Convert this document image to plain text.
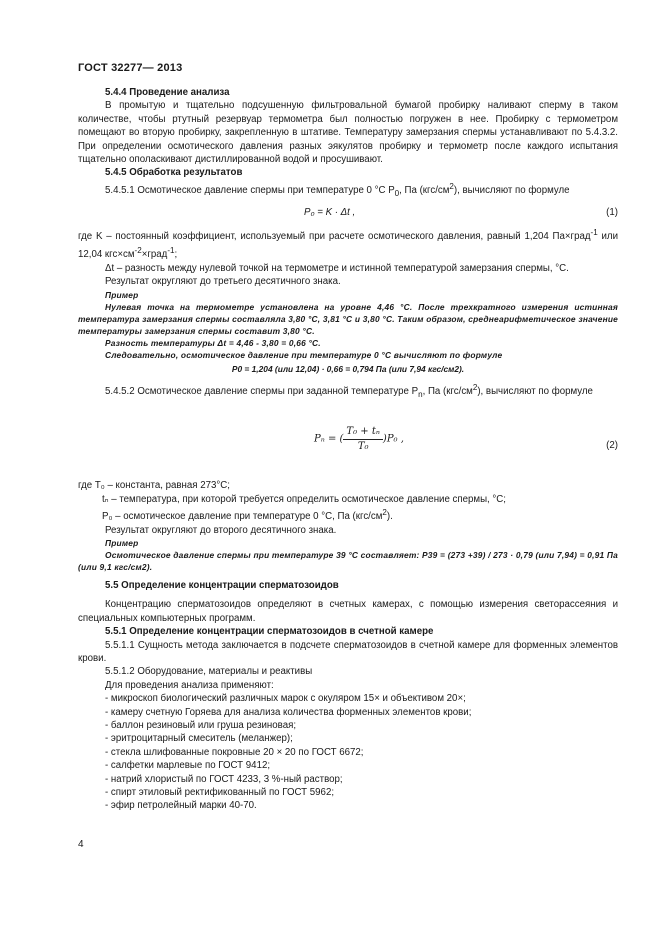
ГОСТ 32277— 2013

5.4.4 Проведение анализа

В промытую и тщательно подсушенную фильтровальной бумагой пробирку наливают сперму в таком количестве, чтобы ртутный резервуар термометра был полностью погружен в нее. Пробирку с термометром помещают во вторую пробирку, закрепленную в штативе. Температуру замерзания спермы устанавливают по 5.4.3.2. При определении осмотического давления разных эякулятов пробирку и термометр после каждого испытания тщательно ополаскивают дистиллированной водой и просушивают.

5.4.5 Обработка результатов

5.4.5.1 Осмотическое давление спермы при температуре 0 °С $P_0$, Па $(кгс/см^2)$, вычисляют по формуле

P₀ = K · Δt ,	(1)

где K – постоянный коэффициент, используемый при расчете осмотического давления, равный 1,204 Па×град$^{-1}$ или 12,04 $кгс\times см^{-2}\times град^{-1}$;

Δt – разность между нулевой точкой на термометре и истинной температурой замерзания спермы, °С.

Результат округляют до третьего десятичного знака.

Пример

Нулевая точка на термометре установлена на уровне 4,46 °С. После трехкратного измерения истинная температура замерзания спермы составляла 3,80 °С, 3,81 °С и 3,80 °С. Таким образом, среднеарифметическое значение температуры замерзания спермы составит 3,80 °С.

Разность температуры Δt = 4,46 - 3,80 = 0,66 °С.

Следовательно, осмотическое давление при температуре 0 °С вычисляют по формуле

P0 = 1,204 (или 12,04) · 0,66 = 0,794 Па (или 7,94 кгс/см2).

5.4.5.2 Осмотическое давление спермы при заданной температуре $P_n$, Па $(кгс/см^2)$, вычисляют по формуле

Pₙ = ( $\frac{\text{T₀ + tₙ}}{\text{T₀}} )P_0$ ,
(2)

где T₀ – константа, равная 273°С;

tₙ – температура, при которой требуется определить осмотическое давление спермы, °С;

P₀ – осмотическое давление при температуре 0 °С, Па $(кгс/см^2)$.

Результат округляют до второго десятичного знака.

Пример

Осмотическое давление спермы при температуре 39 °С составляет: P39 = (273 +39) / 273 · 0,79 (или 7,94) = 0,91 Па (или 9,1 кгс/см2).

5.5 Определение концентрации сперматозоидов

Концентрацию сперматозоидов определяют в счетных камерах, с помощью измерения светорассеяния и специальных компьютерных программ.

5.5.1 Определение концентрации сперматозоидов в счетной камере

5.5.1.1 Сущность метода заключается в подсчете сперматозоидов в счетной камере для форменных элементов крови.

5.5.1.2 Оборудование, материалы и реактивы

Для проведения анализа применяют:

- микроскоп биологический различных марок с окуляром 15× и объективом 20×;

- камеру счетную Горяева для анализа количества форменных элементов крови;

- баллон резиновый или груша резиновая;

- эритроцитарный смеситель (меланжер);

- стекла шлифованные покровные 20 × 20 по ГОСТ 6672;

- салфетки марлевые по ГОСТ 9412;

- натрий хлористый по ГОСТ 4233, 3 %-ный раствор;

- спирт этиловый ректификованный по ГОСТ 5962;

- эфир петролейный марки 40-70.

4
